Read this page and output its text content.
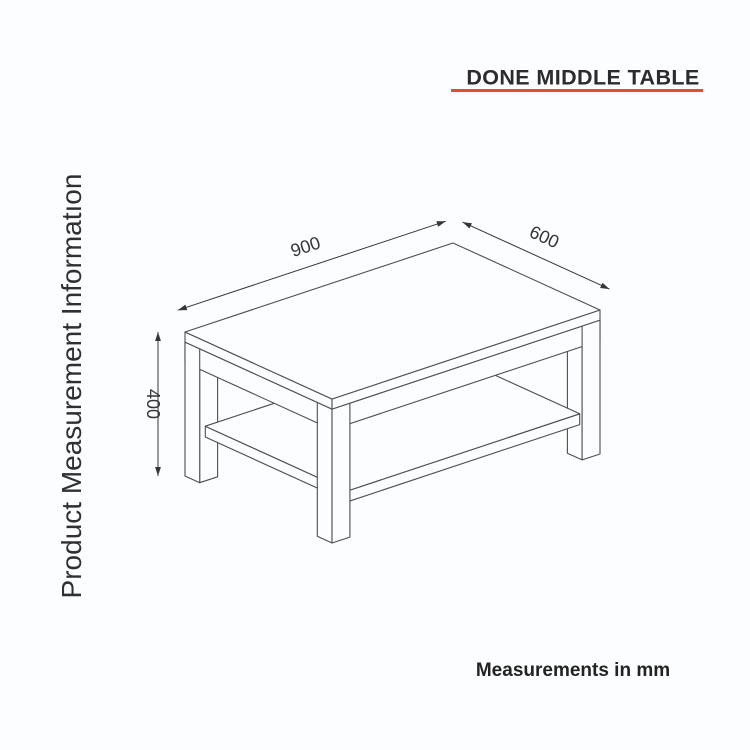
DONE MIDDLE TABLE
Product Measurement Informatıon	900	600
400
Measurements in mm
